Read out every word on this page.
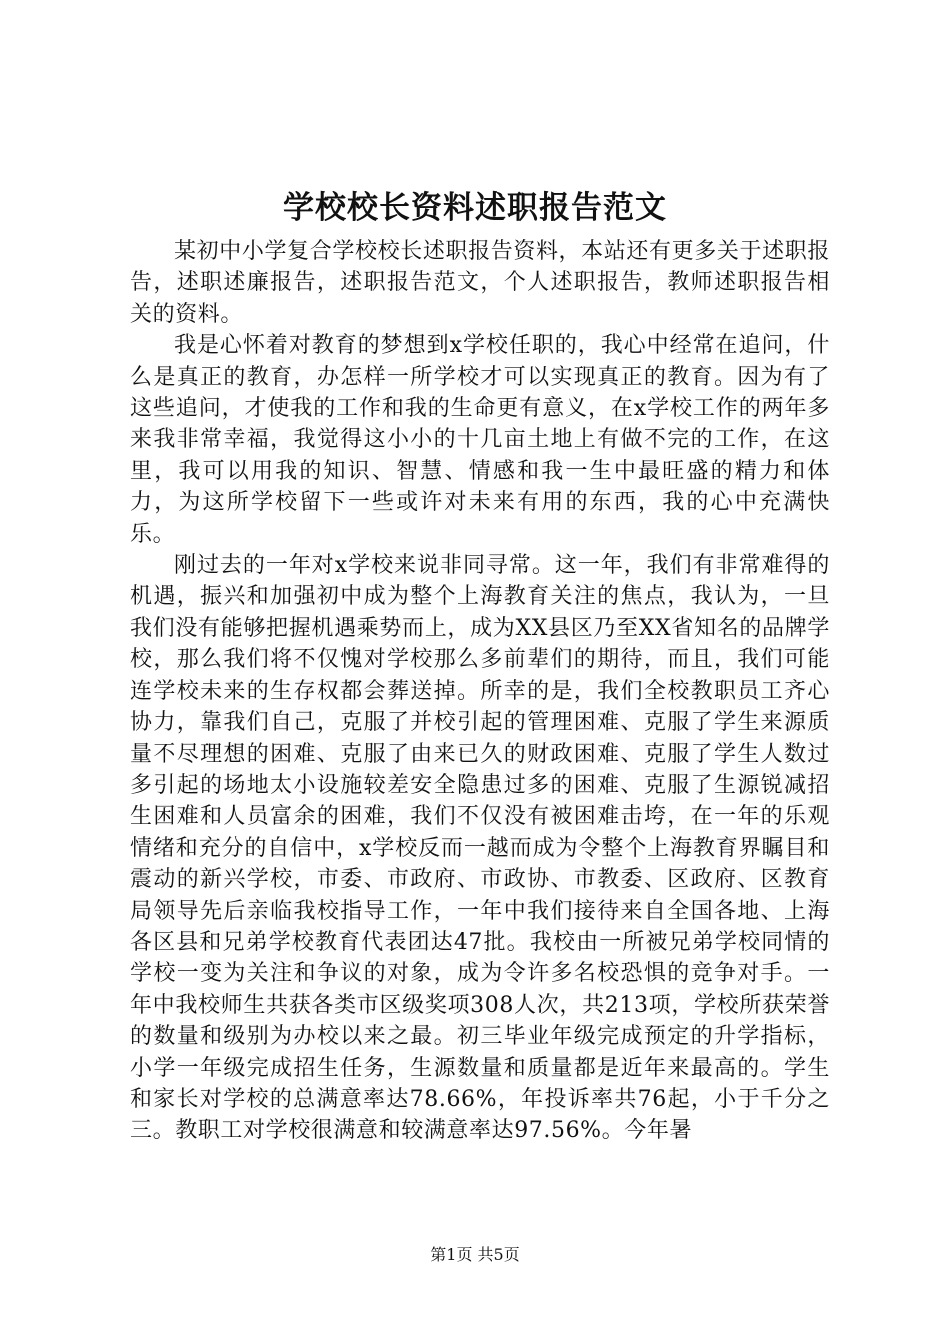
学校校长资料述职报告范文

某初中小学复合学校校长述职报告资料，本站还有更多关于述职报告，述职述廉报告，述职报告范文，个人述职报告，教师述职报告相关的资料。

我是心怀着对教育的梦想到x学校任职的，我心中经常在追问，什么是真正的教育，办怎样一所学校才可以实现真正的教育。因为有了这些追问，才使我的工作和我的生命更有意义，在x学校工作的两年多来我非常幸福，我觉得这小小的十几亩土地上有做不完的工作，在这里，我可以用我的知识、智慧、情感和我一生中最旺盛的精力和体力，为这所学校留下一些或许对未来有用的东西，我的心中充满快乐。

刚过去的一年对x学校来说非同寻常。这一年，我们有非常难得的机遇，振兴和加强初中成为整个上海教育关注的焦点，我认为，一旦我们没有能够把握机遇乘势而上，成为XX县区乃至XX省知名的品牌学校，那么我们将不仅愧对学校那么多前辈们的期待，而且，我们可能连学校未来的生存权都会葬送掉。所幸的是，我们全校教职员工齐心协力，靠我们自己，克服了并校引起的管理困难、克服了学生来源质量不尽理想的困难、克服了由来已久的财政困难、克服了学生人数过多引起的场地太小设施较差安全隐患过多的困难、克服了生源锐减招生困难和人员富余的困难，我们不仅没有被困难击垮，在一年的乐观情绪和充分的自信中，x学校反而一越而成为令整个上海教育界瞩目和震动的新兴学校，市委、市政府、市政协、市教委、区政府、区教育局领导先后亲临我校指导工作，一年中我们接待来自全国各地、上海各区县和兄弟学校教育代表团达47批。我校由一所被兄弟学校同情的学校一变为关注和争议的对象，成为令许多名校恐惧的竞争对手。一年中我校师生共获各类市区级奖项308人次，共213项，学校所获荣誉的数量和级别为办校以来之最。初三毕业年级完成预定的升学指标，小学一年级完成招生任务，生源数量和质量都是近年来最高的。学生和家长对学校的总满意率达78.66%，年投诉率共76起，小于千分之三。教职工对学校很满意和较满意率达97.56%。今年暑

第1页 共5页
